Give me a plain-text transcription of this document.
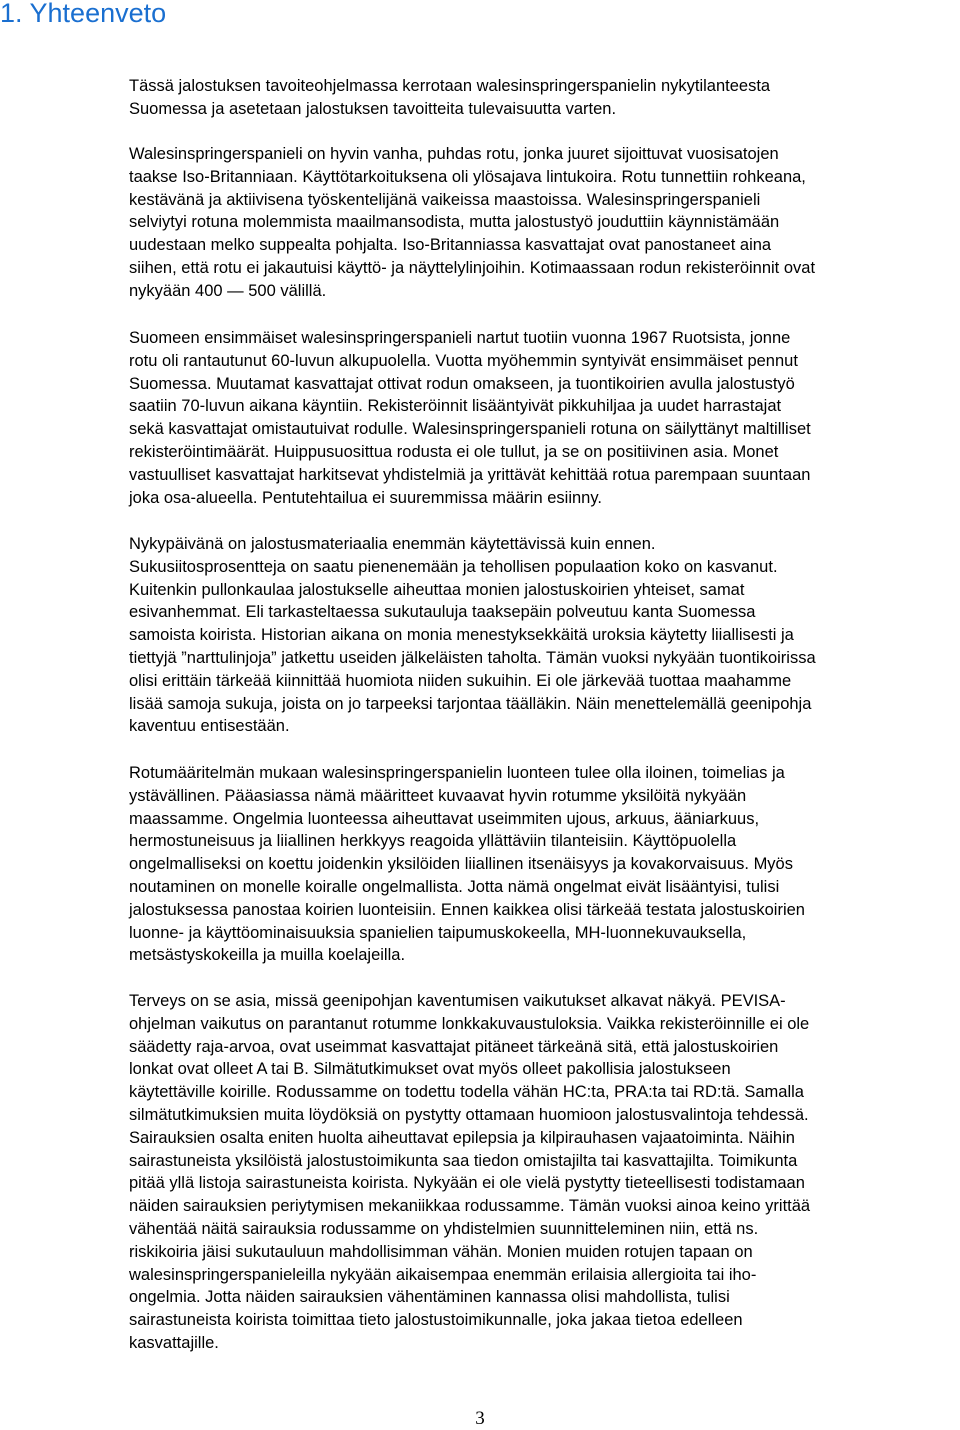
1. Yhteenveto

Tässä jalostuksen tavoiteohjelmassa kerrotaan walesinspringerspanielin nykytilanteesta

Suomessa ja asetetaan jalostuksen tavoitteita tulevaisuutta varten.

Walesinspringerspanieli on hyvin vanha, puhdas rotu, jonka juuret sijoittuvat vuosisatojen

taakse Iso-Britanniaan. Käyttötarkoituksena oli ylösajava lintukoira. Rotu tunnettiin rohkeana,

kestävänä ja aktiivisena työskentelijänä vaikeissa maastoissa. Walesinspringerspanieli

selviytyi rotuna molemmista maailmansodista, mutta jalostustyö jouduttiin käynnistämään

uudestaan melko suppealta pohjalta. Iso-Britanniassa kasvattajat ovat panostaneet aina

siihen, että rotu ei jakautuisi käyttö- ja näyttelylinjoihin. Kotimaassaan rodun rekisteröinnit ovat

nykyään 400 — 500 välillä.

Suomeen ensimmäiset walesinspringerspanieli nartut tuotiin vuonna 1967 Ruotsista, jonne

rotu oli rantautunut 60-luvun alkupuolella. Vuotta myöhemmin syntyivät ensimmäiset pennut

Suomessa. Muutamat kasvattajat ottivat rodun omakseen, ja tuontikoirien avulla jalostustyö

saatiin 70-luvun aikana käyntiin. Rekisteröinnit lisääntyivät pikkuhiljaa ja uudet harrastajat

sekä kasvattajat omistautuivat rodulle. Walesinspringerspanieli rotuna on säilyttänyt maltilliset

rekisteröintimäärät. Huippusuosittua rodusta ei ole tullut, ja se on positiivinen asia. Monet

vastuulliset kasvattajat harkitsevat yhdistelmiä ja yrittävät kehittää rotua parempaan suuntaan

joka osa-alueella. Pentutehtailua ei suuremmissa määrin esiinny.

Nykypäivänä on jalostusmateriaalia enemmän käytettävissä kuin ennen.

Sukusiitosprosentteja on saatu pienenemään ja tehollisen populaation koko on kasvanut.

Kuitenkin pullonkaulaa jalostukselle aiheuttaa monien jalostuskoirien yhteiset, samat

esivanhemmat. Eli tarkasteltaessa sukutauluja taaksepäin polveutuu kanta Suomessa

samoista koirista. Historian aikana on monia menestyksekkäitä uroksia käytetty liiallisesti ja

tiettyjä ”narttulinjoja” jatkettu useiden jälkeläisten taholta. Tämän vuoksi nykyään tuontikoirissa

olisi erittäin tärkeää kiinnittää huomiota niiden sukuihin. Ei ole järkevää tuottaa maahamme

lisää samoja sukuja, joista on jo tarpeeksi tarjontaa täälläkin. Näin menettelemällä geenipohja

kaventuu entisestään.

Rotumääritelmän mukaan walesinspringerspanielin luonteen tulee olla iloinen, toimelias ja

ystävällinen. Pääasiassa nämä määritteet kuvaavat hyvin rotumme yksilöitä nykyään

maassamme. Ongelmia luonteessa aiheuttavat useimmiten ujous, arkuus, ääniarkuus,

hermostuneisuus ja liiallinen herkkyys reagoida yllättäviin tilanteisiin. Käyttöpuolella

ongelmalliseksi on koettu joidenkin yksilöiden liiallinen itsenäisyys ja kovakorvaisuus. Myös

noutaminen on monelle koiralle ongelmallista. Jotta nämä ongelmat eivät lisääntyisi, tulisi

jalostuksessa panostaa koirien luonteisiin. Ennen kaikkea olisi tärkeää testata jalostuskoirien

luonne- ja käyttöominaisuuksia spanielien taipumuskokeella, MH-luonnekuvauksella,

metsästyskokeilla ja muilla koelajeilla.

Terveys on se asia, missä geenipohjan kaventumisen vaikutukset alkavat näkyä. PEVISA-

ohjelman vaikutus on parantanut rotumme lonkkakuvaustuloksia. Vaikka rekisteröinnille ei ole

säädetty raja-arvoa, ovat useimmat kasvattajat pitäneet tärkeänä sitä, että jalostuskoirien

lonkat ovat olleet A tai B. Silmätutkimukset ovat myös olleet pakollisia jalostukseen

käytettäville koirille. Rodussamme on todettu todella vähän HC:ta, PRA:ta tai RD:tä. Samalla

silmätutkimuksien muita löydöksiä on pystytty ottamaan huomioon jalostusvalintoja tehdessä.

Sairauksien osalta eniten huolta aiheuttavat epilepsia ja kilpirauhasen vajaatoiminta. Näihin

sairastuneista yksilöistä jalostustoimikunta saa tiedon omistajilta tai kasvattajilta. Toimikunta

pitää yllä listoja sairastuneista koirista. Nykyään ei ole vielä pystytty tieteellisesti todistamaan

näiden sairauksien periytymisen mekaniikkaa rodussamme. Tämän vuoksi ainoa keino yrittää

vähentää näitä sairauksia rodussamme on yhdistelmien suunnitteleminen niin, että ns.

riskikoiria jäisi sukutauluun mahdollisimman vähän. Monien muiden rotujen tapaan on

walesinspringerspanieleilla nykyään aikaisempaa enemmän erilaisia allergioita tai iho-

ongelmia. Jotta näiden sairauksien vähentäminen kannassa olisi mahdollista, tulisi

sairastuneista koirista toimittaa tieto jalostustoimikunnalle, joka jakaa tietoa edelleen

kasvattajille.

3
